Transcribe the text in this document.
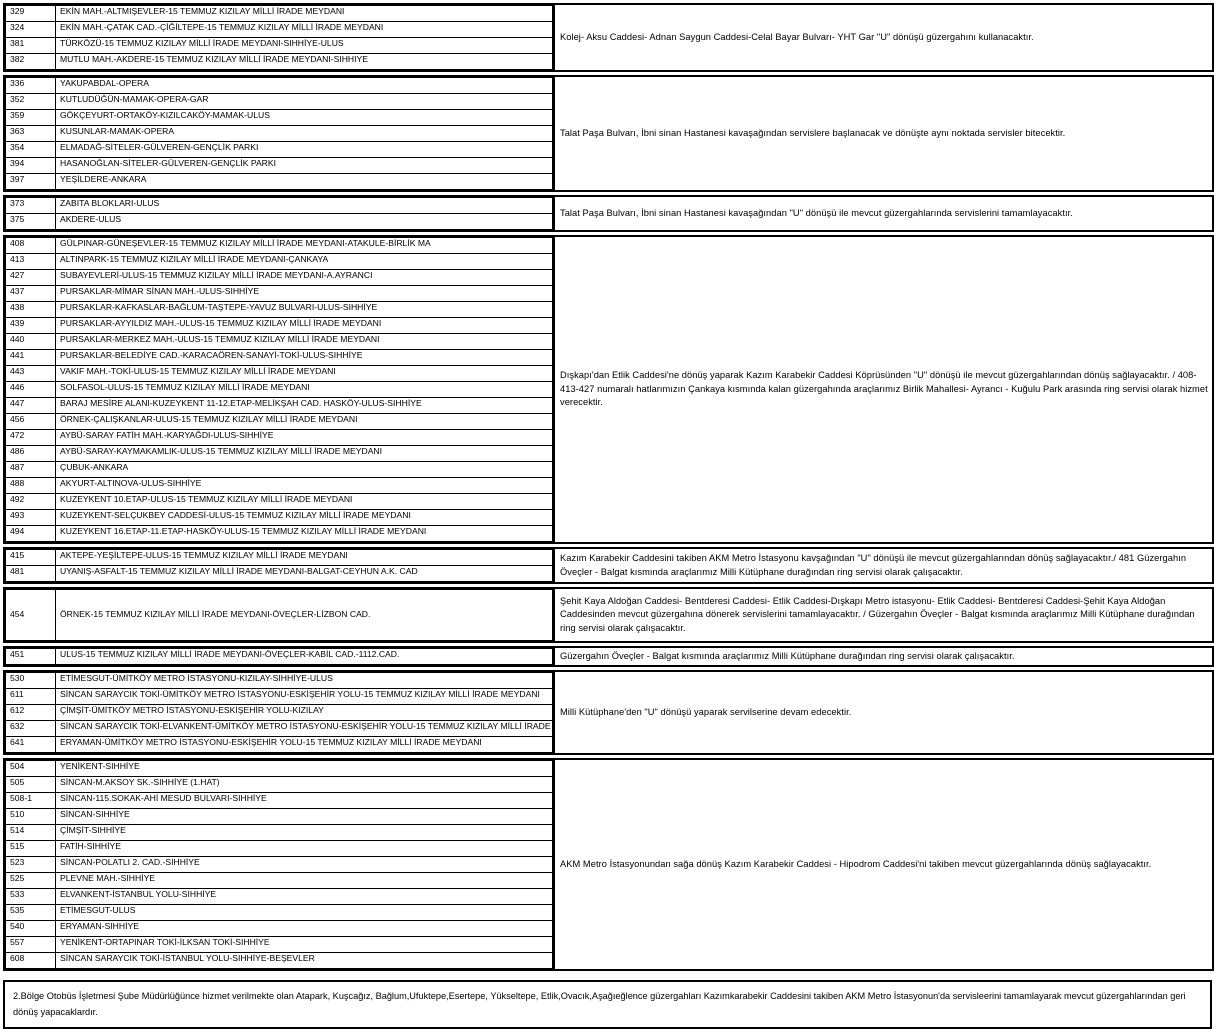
329	EKİN MAH.-ALTMIŞEVLER-15 TEMMUZ KIZILAY MİLLİ İRADE MEYDANI
324	EKİN MAH.-ÇATAK CAD.-ÇİĞİLTEPE-15 TEMMUZ KIZILAY MİLLİ İRADE MEYDANI
381	TÜRKÖZÜ-15 TEMMUZ KIZILAY MİLLİ İRADE MEYDANI-SIHHİYE-ULUS
382	MUTLU MAH.-AKDERE-15 TEMMUZ KIZILAY MİLLİ İRADE MEYDANI-SIHHIYE
	Kolej- Aksu Caddesi- Adnan Saygun Caddesi-Celal Bayar Bulvarı- YHT Gar "U" dönüşü güzergahını kullanacaktır.

336	YAKUPABDAL-OPERA
352	KUTLUDÜĞÜN-MAMAK-OPERA-GAR
359	GÖKÇEYURT-ORTAKÖY-KIZILCAKÖY-MAMAK-ULUS
363	KUSUNLAR-MAMAK-OPERA
354	ELMADAĞ-SİTELER-GÜLVEREN-GENÇLİK PARKI
394	HASANOĞLAN-SİTELER-GÜLVEREN-GENÇLİK PARKI
397	YEŞİLDERE-ANKARA
	Talat Paşa Bulvarı, İbni sinan Hastanesi kavaşağından servislere başlanacak ve dönüşte aynı noktada servisler bitecektir.

373	ZABITA BLOKLARI-ULUS
375	AKDERE-ULUS
	Talat Paşa Bulvarı, İbni sinan Hastanesi kavaşağından "U" dönüşü ile mevcut güzergahlarında servislerini tamamlayacaktır.

408	GÜLPINAR-GÜNEŞEVLER-15 TEMMUZ KIZILAY MİLLİ İRADE MEYDANI-ATAKULE-BİRLİK MA
413	ALTINPARK-15 TEMMUZ KIZILAY MİLLİ İRADE MEYDANI-ÇANKAYA
427	SUBAYEVLERİ-ULUS-15 TEMMUZ KIZILAY MİLLİ İRADE MEYDANI-A.AYRANCI
437	PURSAKLAR-MİMAR SİNAN MAH.-ULUS-SIHHİYE
438	PURSAKLAR-KAFKASLAR-BAĞLUM-TAŞTEPE-YAVUZ BULVARI-ULUS-SIHHİYE
439	PURSAKLAR-AYYILDIZ MAH.-ULUS-15 TEMMUZ KIZILAY MİLLİ İRADE MEYDANI
440	PURSAKLAR-MERKEZ MAH.-ULUS-15 TEMMUZ KIZILAY MİLLİ İRADE MEYDANI
441	PURSAKLAR-BELEDİYE CAD.-KARACAÖREN-SANAYİ-TOKİ-ULUS-SIHHİYE
443	VAKIF MAH.-TOKİ-ULUS-15 TEMMUZ KIZILAY MİLLİ İRADE MEYDANI
446	SOLFASOL-ULUS-15 TEMMUZ KIZILAY MİLLİ İRADE MEYDANI
447	BARAJ MESİRE ALANI-KUZEYKENT 11-12.ETAP-MELİKŞAH CAD. HASKÖY-ULUS-SIHHİYE
456	ÖRNEK-ÇALIŞKANLAR-ULUS-15 TEMMUZ KIZILAY MİLLİ İRADE MEYDANI
472	AYBÜ-SARAY FATİH MAH.-KARYAĞDI-ULUS-SIHHİYE
486	AYBÜ-SARAY-KAYMAKAMLIK-ULUS-15 TEMMUZ KIZILAY MİLLİ İRADE MEYDANI
487	ÇUBUK-ANKARA
488	AKYURT-ALTINOVA-ULUS-SIHHİYE
492	KUZEYKENT 10.ETAP-ULUS-15 TEMMUZ KIZILAY MİLLİ İRADE MEYDANI
493	KUZEYKENT-SELÇUKBEY CADDESİ-ULUS-15 TEMMUZ KIZILAY MİLLİ İRADE MEYDANI
494	KUZEYKENT 16.ETAP-11.ETAP-HASKÖY-ULUS-15 TEMMUZ KIZILAY MİLLİ İRADE MEYDANI
	Dışkapı'dan Etlik Caddesi'ne dönüş yaparak Kazım Karabekir Caddesi Köprüsünden "U" dönüşü ile mevcut güzergahlarından dönüş sağlayacaktır. / 408-413-427 numaralı hatlarımızın Çankaya kısmında kalan güzergahında araçlarımız Birlik Mahallesi- Ayrancı - Kuğulu Park arasında ring servisi olarak hizmet verecektir.

415	AKTEPE-YEŞİLTEPE-ULUS-15 TEMMUZ KIZILAY MİLLİ İRADE MEYDANI
481	UYANIŞ-ASFALT-15 TEMMUZ KIZILAY MİLLİ İRADE MEYDANI-BALGAT-CEYHUN A.K. CAD
	Kazım Karabekir Caddesini takiben AKM Metro İstasyonu kavşağından "U" dönüşü ile mevcut güzergahlarından dönüş sağlayacaktır./ 481 Güzergahın Öveçler - Balgat kısmında araçlarımız Milli Kütüphane durağından ring servisi olarak çalışacaktır.

454	ÖRNEK-15 TEMMUZ KIZILAY MİLLİ İRADE MEYDANI-ÖVEÇLER-LİZBON CAD.
	Şehit Kaya Aldoğan Caddesi- Bentderesi Caddesi- Etlik Caddesi-Dışkapı Metro istasyonu- Etlik Caddesi- Bentderesi Caddesi-Şehit Kaya Aldoğan Caddesinden mevcut güzergahına dönerek servislerini tamamlayacaktır. / Güzergahın Öveçler - Balgat kısmında araçlarımız Milli Kütüphane durağından ring servisi olarak çalışacaktır.

451	ULUS-15 TEMMUZ KIZILAY MİLLİ İRADE MEYDANI-ÖVEÇLER-KABİL CAD.-1112.CAD.
		Güzergahın Öveçler - Balgat kısmında araçlarımız Milli Kütüphane durağından ring servisi olarak çalışacaktır.

530	ETİMESGUT-ÜMİTKÖY METRO İSTASYONU-KIZILAY-SIHHİYE-ULUS
611	SİNCAN SARAYCIK TOKİ-ÜMİTKÖY METRO İSTASYONU-ESKİŞEHİR YOLU-15 TEMMUZ KIZILAY MİLLİ İRADE MEYDANI
612	ÇİMŞİT-ÜMİTKÖY METRO İSTASYONU-ESKİŞEHİR YOLU-KIZILAY
632	SİNCAN SARAYCIK TOKİ-ELVANKENT-ÜMİTKÖY METRO İSTASYONU-ESKİŞEHİR YOLU-15 TEMMUZ KIZILAY MİLLİ İRADE
641	ERYAMAN-ÜMİTKÖY METRO İSTASYONU-ESKİŞEHİR YOLU-15 TEMMUZ KIZILAY MİLLİ İRADE MEYDANI
	Milli Kütüphane'den "U" dönüşü yaparak servilserine devam edecektir.

504	YENİKENT-SIHHİYE
505	SİNCAN-M.AKSOY SK.-SIHHİYE (1.HAT)
508-1	SİNCAN-115.SOKAK-AHİ MESUD BULVARI-SIHHİYE
510	SİNCAN-SIHHİYE
514	ÇİMŞİT-SIHHİYE
515	FATİH-SIHHİYE
523	SİNCAN-POLATLI 2. CAD.-SIHHİYE
525	PLEVNE MAH.-SIHHİYE
533	ELVANKENT-İSTANBUL YOLU-SIHHİYE
535	ETİMESGUT-ULUS
540	ERYAMAN-SIHHİYE
557	YENİKENT-ORTAPINAR TOKİ-İLKSAN TOKİ-SIHHİYE
608	SİNCAN SARAYCIK TOKİ-İSTANBUL YOLU-SIHHİYE-BEŞEVLER
	AKM Metro İstasyonundan sağa dönüş Kazım Karabekir Caddesi - Hipodrom Caddesi'ni takiben mevcut güzergahlarında dönüş sağlayacaktır.
2.Bölge Otobüs İşletmesi Şube Müdürlüğünce hizmet verilmekte olan Atapark, Kuşcağız, Bağlum,Ufuktepe,Esertepe, Yükseltepe, Etlik,Ovacık,Aşağıeğlence güzergahları Kazımkarabekir Caddesini takiben AKM Metro İstasyonun'da servisleerini tamamlayarak mevcut güzergahlarından geri dönüş yapacaklardır.
